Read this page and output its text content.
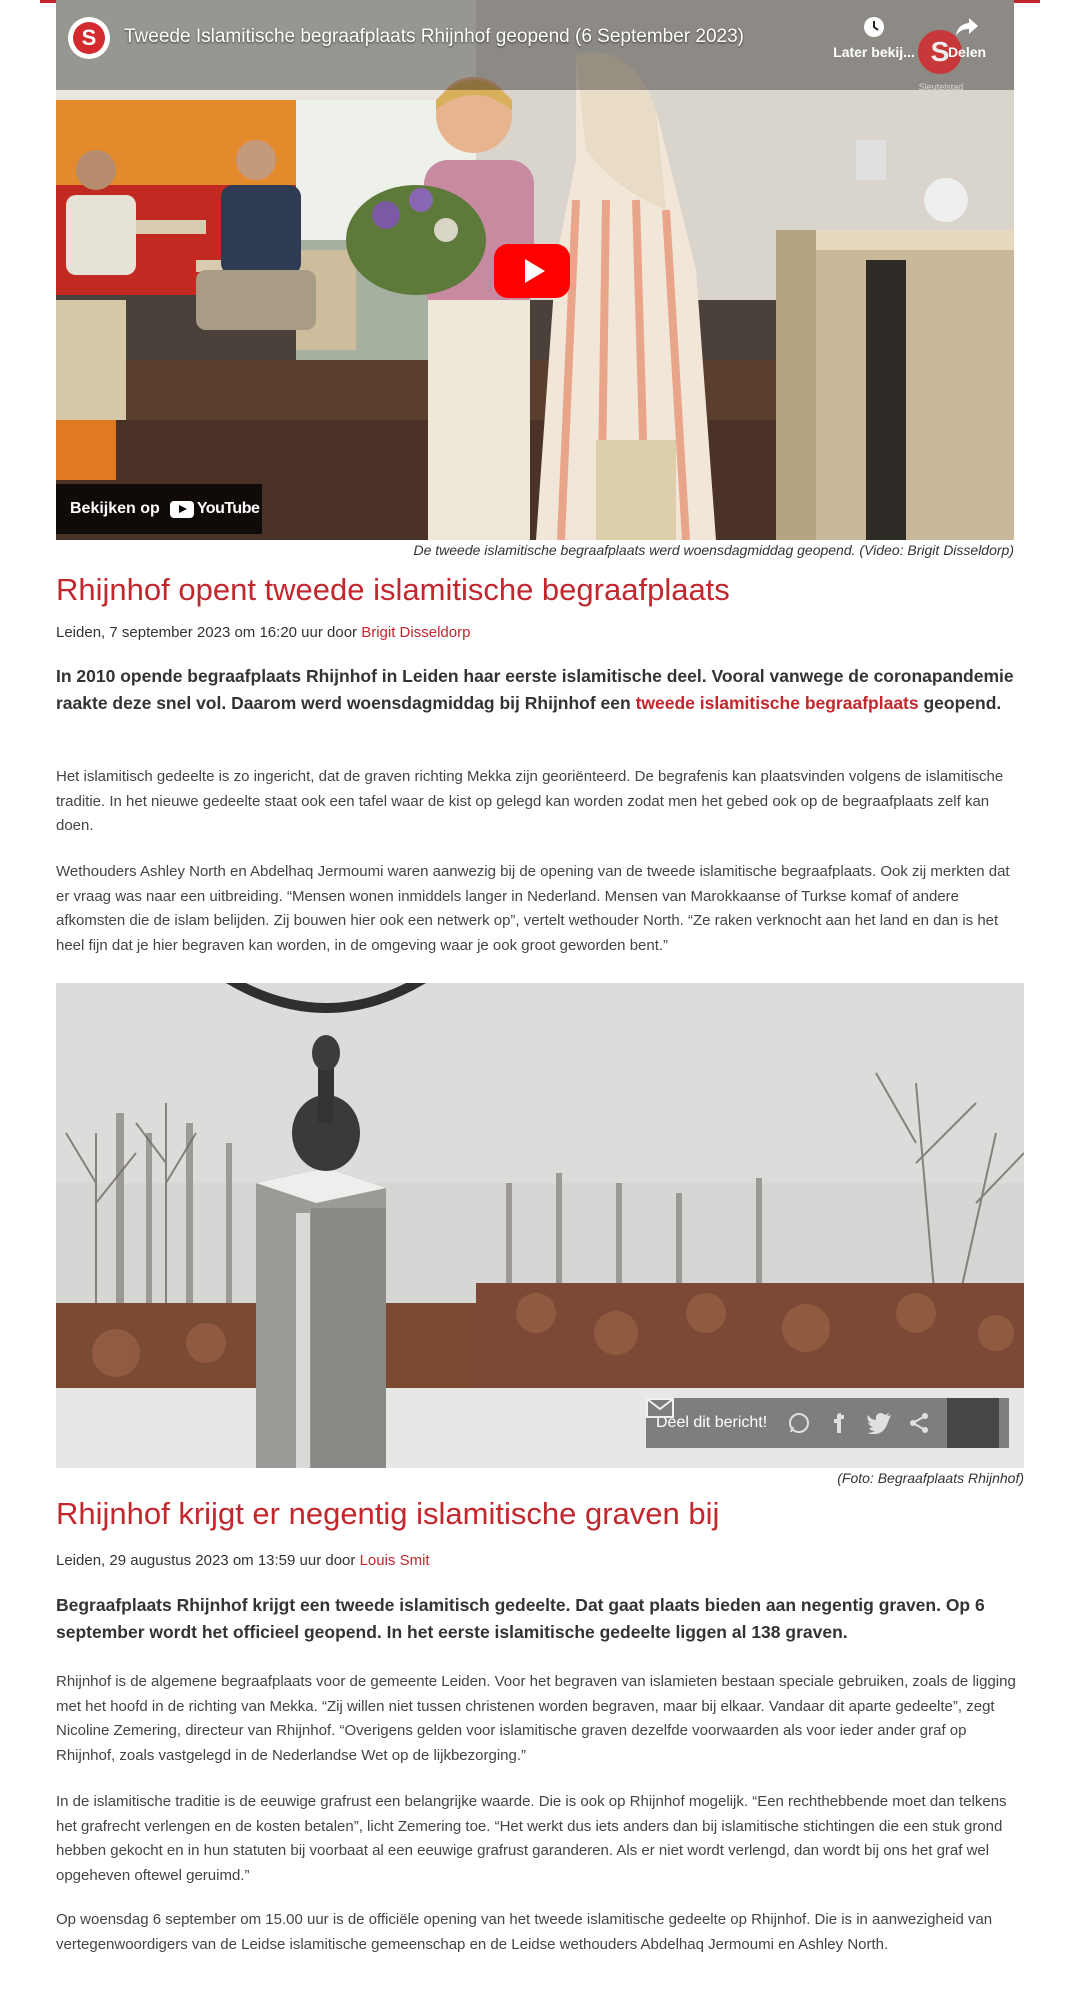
S	Tweede Islamitische begraafplaats Rhijnhof geopend (6 September 2023)	S
Sleutelstad
Later bekij...	Delen
Bekijken op YouTube
De tweede islamitische begraafplaats werd woensdagmiddag geopend. (Video: Brigit Disseldorp)
Rhijnhof opent tweede islamitische begraafplaats
Leiden, 7 september 2023 om 16:20 uur door Brigit Disseldorp

In 2010 opende begraafplaats Rhijnhof in Leiden haar eerste islamitische deel. Vooral vanwege de coronapandemie raakte deze snel vol. Daarom werd woensdagmiddag bij Rhijnhof een tweede islamitische begraafplaats geopend.

Het islamitisch gedeelte is zo ingericht, dat de graven richting Mekka zijn georiënteerd. De begrafenis kan plaatsvinden volgens de islamitische traditie. In het nieuwe gedeelte staat ook een tafel waar de kist op gelegd kan worden zodat men het gebed ook op de begraafplaats zelf kan doen.

Wethouders Ashley North en Abdelhaq Jermoumi waren aanwezig bij de opening van de tweede islamitische begraafplaats. Ook zij merkten dat er vraag was naar een uitbreiding. “Mensen wonen inmiddels langer in Nederland. Mensen van Marokkaanse of Turkse komaf of andere afkomsten die de islam belijden. Zij bouwen hier ook een netwerk op”, vertelt wethouder North. “Ze raken verknocht aan het land en dan is het heel fijn dat je hier begraven kan worden, in de omgeving waar je ook groot geworden bent.”

Deel dit bericht!
(Foto: Begraafplaats Rhijnhof)
Rhijnhof krijgt er negentig islamitische graven bij
Leiden, 29 augustus 2023 om 13:59 uur door Louis Smit

Begraafplaats Rhijnhof krijgt een tweede islamitisch gedeelte. Dat gaat plaats bieden aan negentig graven. Op 6 september wordt het officieel geopend. In het eerste islamitische gedeelte liggen al 138 graven.

Rhijnhof is de algemene begraafplaats voor de gemeente Leiden. Voor het begraven van islamieten bestaan speciale gebruiken, zoals de ligging met het hoofd in de richting van Mekka. “Zij willen niet tussen christenen worden begraven, maar bij elkaar. Vandaar dit aparte gedeelte”, zegt Nicoline Zemering, directeur van Rhijnhof. “Overigens gelden voor islamitische graven dezelfde voorwaarden als voor ieder ander graf op Rhijnhof, zoals vastgelegd in de Nederlandse Wet op de lijkbezorging.”

In de islamitische traditie is de eeuwige grafrust een belangrijke waarde. Die is ook op Rhijnhof mogelijk. “Een rechthebbende moet dan telkens het grafrecht verlengen en de kosten betalen”, licht Zemering toe. “Het werkt dus iets anders dan bij islamitische stichtingen die een stuk grond hebben gekocht en in hun statuten bij voorbaat al een eeuwige grafrust garanderen. Als er niet wordt verlengd, dan wordt bij ons het graf wel opgeheven oftewel geruimd.”

Op woensdag 6 september om 15.00 uur is de officiële opening van het tweede islamitische gedeelte op Rhijnhof. Die is in aanwezigheid van vertegenwoordigers van de Leidse islamitische gemeenschap en de Leidse wethouders Abdelhaq Jermoumi en Ashley North.
